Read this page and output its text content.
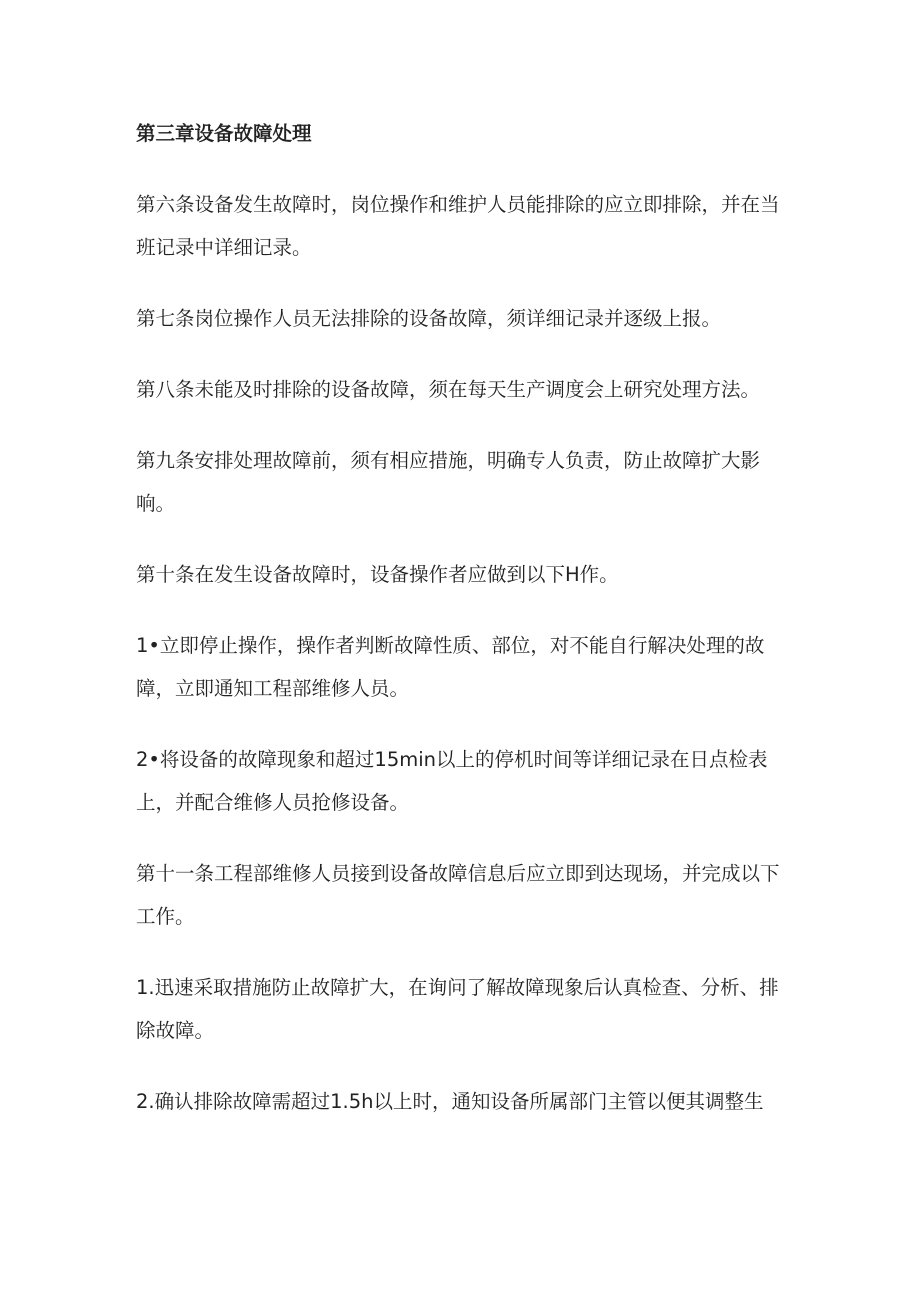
第三章设备故障处理
第六条设备发生故障时，岗位操作和维护人员能排除的应立即排除，并在当班记录中详细记录。
第七条岗位操作人员无法排除的设备故障，须详细记录并逐级上报。
第八条未能及时排除的设备故障，须在每天生产调度会上研究处理方法。
第九条安排处理故障前，须有相应措施，明确专人负责，防止故障扩大影响。
第十条在发生设备故障时，设备操作者应做到以下H作。
1•立即停止操作，操作者判断故障性质、部位，对不能自行解决处理的故障，立即通知工程部维修人员。
2•将设备的故障现象和超过15min以上的停机时间等详细记录在日点检表上，并配合维修人员抢修设备。
第十一条工程部维修人员接到设备故障信息后应立即到达现场，并完成以下工作。
1.迅速采取措施防止故障扩大，在询问了解故障现象后认真检查、分析、排除故障。
2.确认排除故障需超过1.5h以上时，通知设备所属部门主管以便其调整生
